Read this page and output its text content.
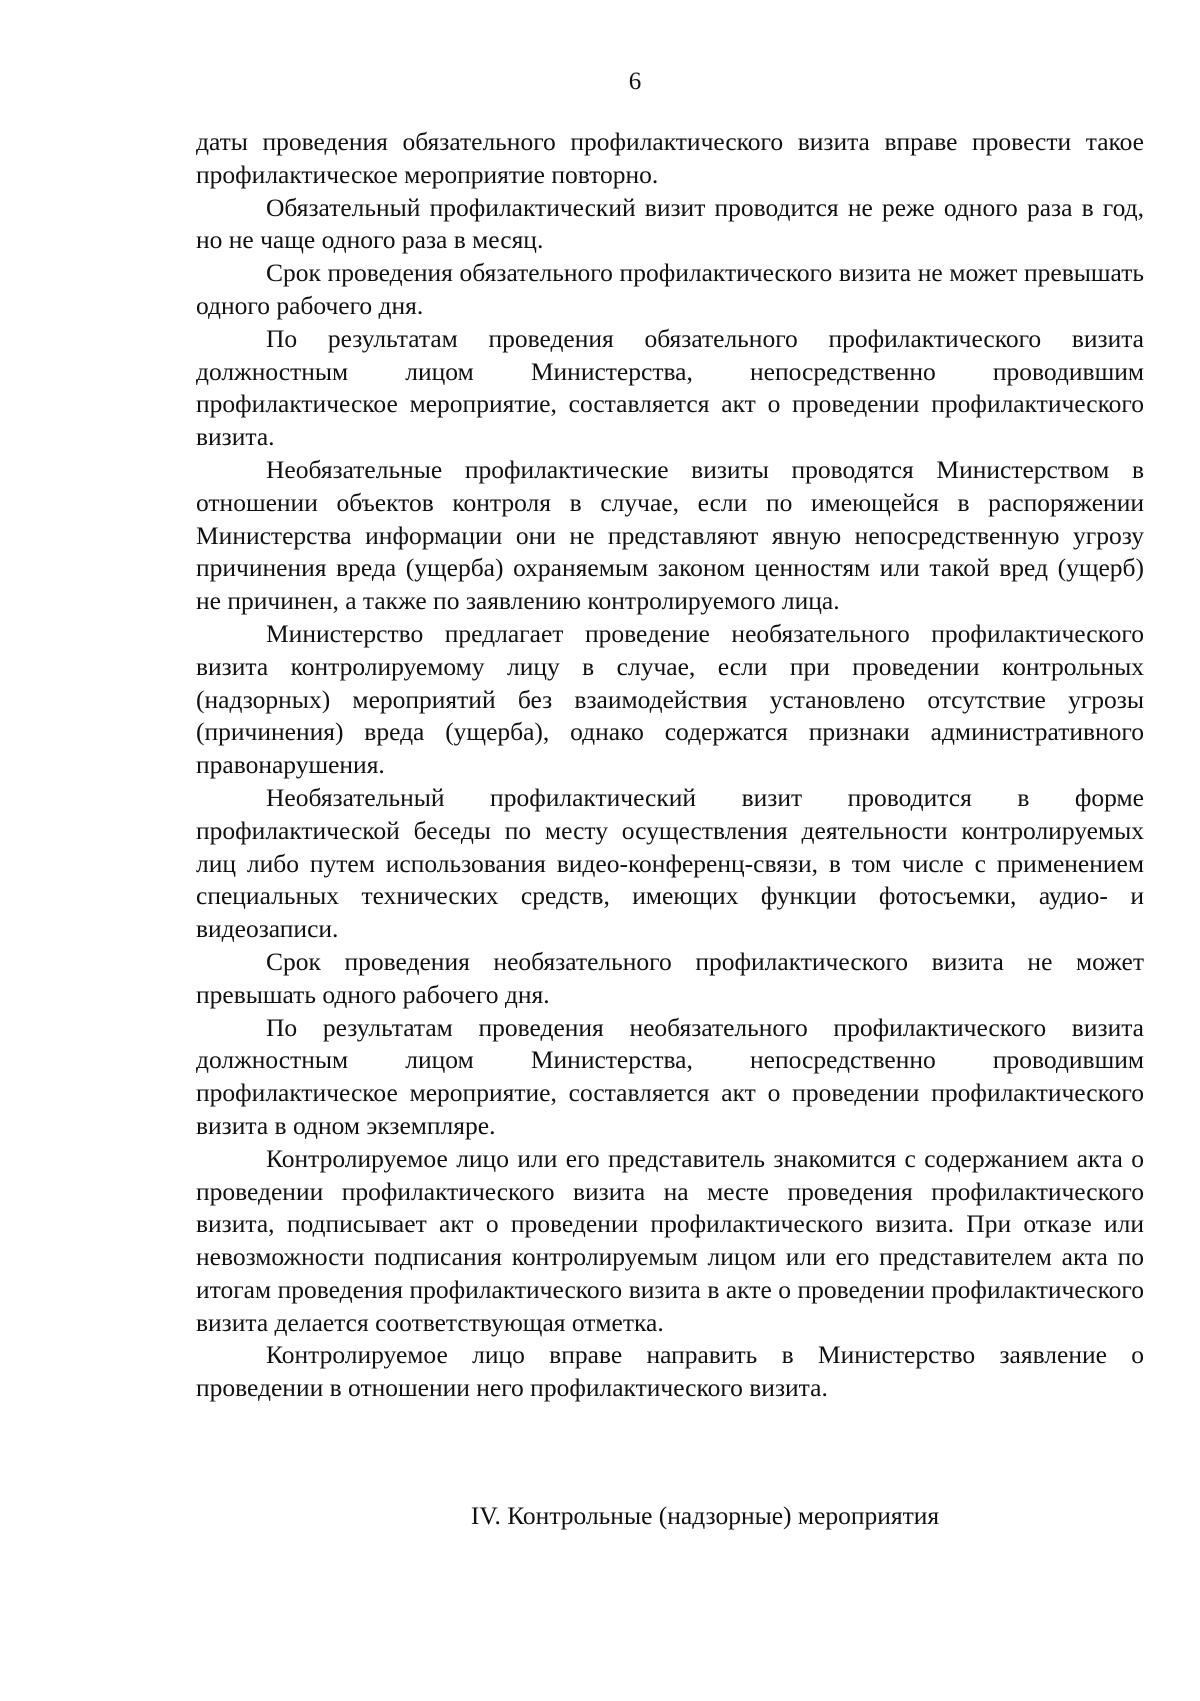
6

даты проведения обязательного профилактического визита вправе провести такое профилактическое мероприятие повторно.

Обязательный профилактический визит проводится не реже одного раза в год, но не чаще одного раза в месяц.

Срок проведения обязательного профилактического визита не может превышать одного рабочего дня.

По результатам проведения обязательного профилактического визита должностным лицом Министерства, непосредственно проводившим профилактическое мероприятие, составляется акт о проведении профилактического визита.

Необязательные профилактические визиты проводятся Министерством в отношении объектов контроля в случае, если по имеющейся в распоряжении Министерства информации они не представляют явную непосредственную угрозу причинения вреда (ущерба) охраняемым законом ценностям или такой вред (ущерб) не причинен, а также по заявлению контролируемого лица.

Министерство предлагает проведение необязательного профилактического визита контролируемому лицу в случае, если при проведении контрольных (надзорных) мероприятий без взаимодействия установлено отсутствие угрозы (причинения) вреда (ущерба), однако содержатся признаки административного правонарушения.

Необязательный профилактический визит проводится в форме профилактической беседы по месту осуществления деятельности контролируемых лиц либо путем использования видео-конференц-связи, в том числе с применением специальных технических средств, имеющих функции фотосъемки, аудио- и видеозаписи.

Срок проведения необязательного профилактического визита не может превышать одного рабочего дня.

По результатам проведения необязательного профилактического визита должностным лицом Министерства, непосредственно проводившим профилактическое мероприятие, составляется акт о проведении профилактического визита в одном экземпляре.

Контролируемое лицо или его представитель знакомится с содержанием акта о проведении профилактического визита на месте проведения профилактического визита, подписывает акт о проведении профилактического визита. При отказе или невозможности подписания контролируемым лицом или его представителем акта по итогам проведения профилактического визита в акте о проведении профилактического визита делается соответствующая отметка.

Контролируемое лицо вправе направить в Министерство заявление о проведении в отношении него профилактического визита.

IV. Контрольные (надзорные) мероприятия
